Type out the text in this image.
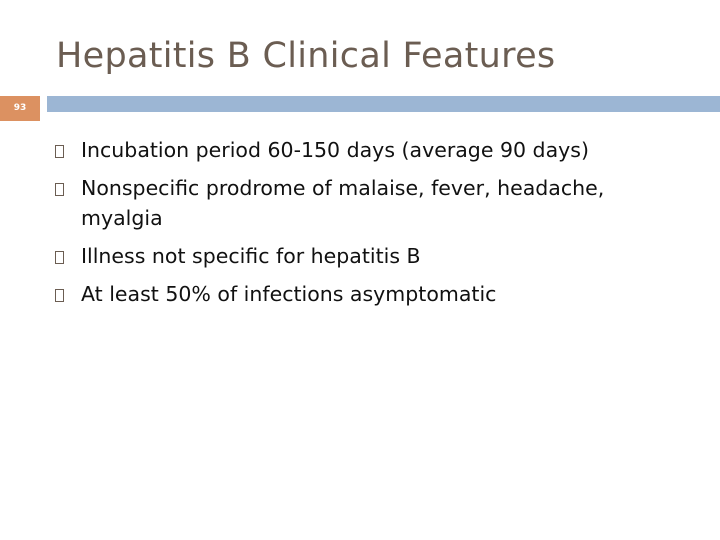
Hepatitis B Clinical Features
93
Incubation period 60-150 days (average 90 days)
Nonspecific prodrome of malaise, fever, headache, myalgia
Illness not specific for hepatitis B
At least 50% of infections asymptomatic
